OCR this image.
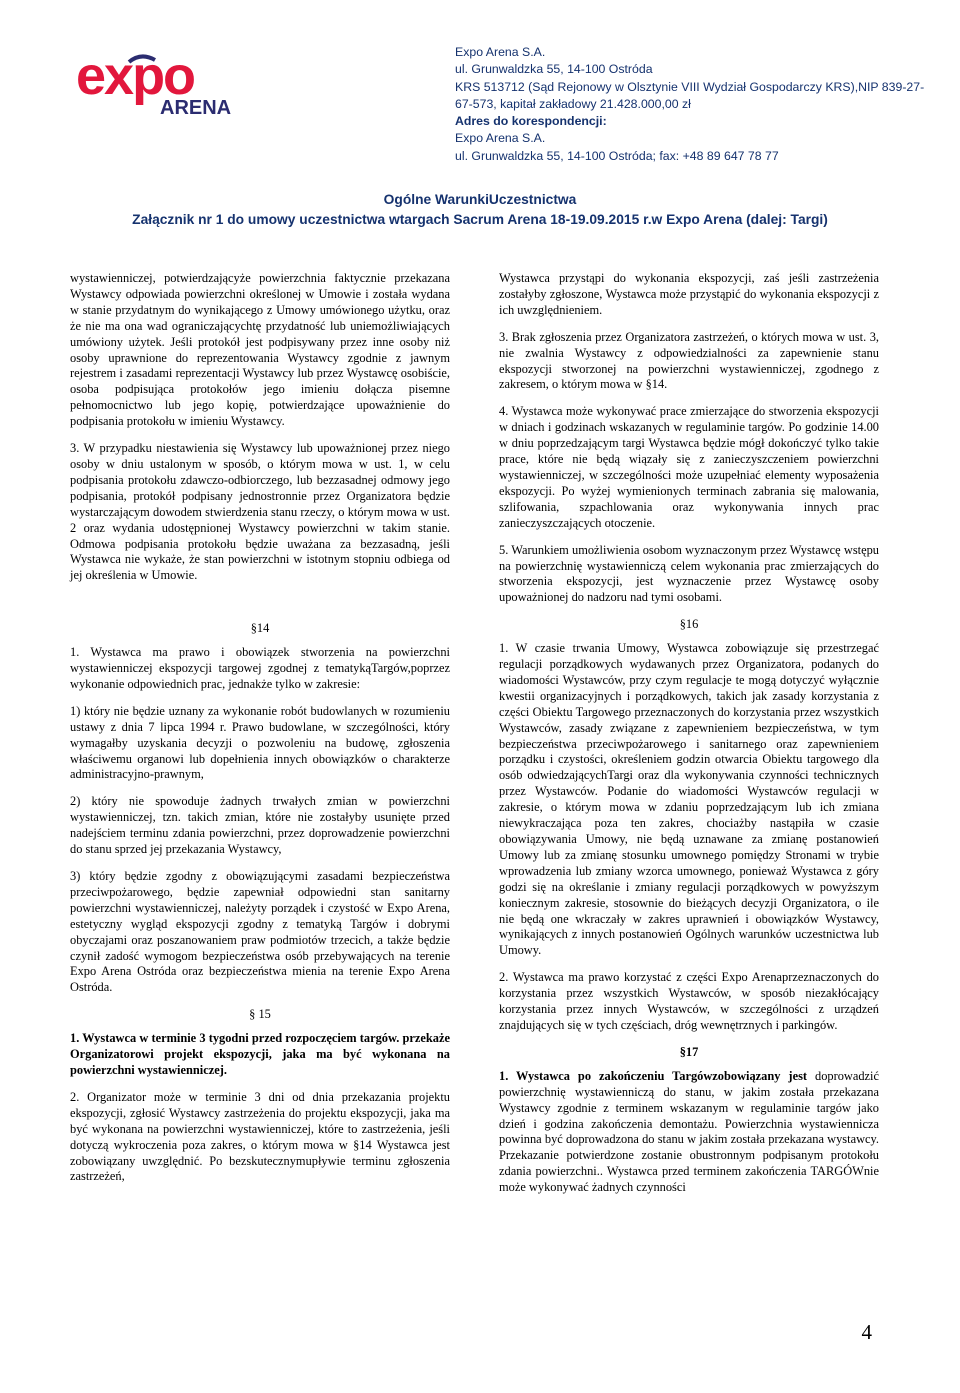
expo
ARENA
Expo Arena S.A.
ul. Grunwaldzka 55, 14-100 Ostróda
KRS 513712 (Sąd Rejonowy w Olsztynie VIII Wydział Gospodarczy KRS),NIP 839-27-
67-573, kapitał zakładowy 21.428.000,00 zł
Adres do korespondencji:
Expo Arena S.A.
ul. Grunwaldzka 55, 14-100 Ostróda; fax: +48 89 647 78 77
Ogólne WarunkiUczestnictwa
Załącznik nr 1 do umowy uczestnictwa wtargach Sacrum Arena 18-19.09.2015 r.w Expo Arena (dalej: Targi)

wystawienniczej, potwierdzającyże powierzchnia faktycznie przekazana Wystawcy odpowiada powierzchni określonej w Umowie i została wydana w stanie przydatnym do wynikającego z Umowy umówionego użytku, oraz że nie ma ona wad ograniczającychtę przydatność lub uniemożliwiających umówiony użytek. Jeśli protokół jest podpisywany przez inne osoby niż osoby uprawnione do reprezentowania Wystawcy zgodnie z jawnym rejestrem i zasadami reprezentacji Wystawcy lub przez Wystawcę osobiście, osoba podpisująca protokołów jego imieniu dołącza pisemne pełnomocnictwo lub jego kopię, potwierdzające upoważnienie do podpisania protokołu w imieniu Wystawcy.

3. W przypadku niestawienia się Wystawcy lub upoważnionej przez niego osoby w dniu ustalonym w sposób, o którym mowa w ust. 1, w celu podpisania protokołu zdawczo-odbiorczego, lub bezzasadnej odmowy jego podpisania, protokół podpisany jednostronnie przez Organizatora będzie wystarczającym dowodem stwierdzenia stanu rzeczy, o którym mowa w ust. 2 oraz wydania udostępnionej Wystawcy powierzchni w takim stanie. Odmowa podpisania protokołu będzie uważana za bezzasadną, jeśli Wystawca nie wykaże, że stan powierzchni w istotnym stopniu odbiega od jej określenia w Umowie.

§14

1. Wystawca ma prawo i obowiązek stworzenia na powierzchni wystawienniczej ekspozycji targowej zgodnej z tematykąTargów,poprzez wykonanie odpowiednich prac, jednakże tylko w zakresie:

1) który nie będzie uznany za wykonanie robót budowlanych w rozumieniu ustawy z dnia 7 lipca 1994 r. Prawo budowlane, w szczególności, który wymagałby uzyskania decyzji o pozwoleniu na budowę, zgłoszenia właściwemu organowi lub dopełnienia innych obowiązków o charakterze administracyjno-prawnym,

2) który nie spowoduje żadnych trwałych zmian w powierzchni wystawienniczej, tzn. takich zmian, które nie zostałyby usunięte przed nadejściem terminu zdania powierzchni, przez doprowadzenie powierzchni do stanu sprzed jej przekazania Wystawcy,

3) który będzie zgodny z obowiązującymi zasadami bezpieczeństwa przeciwpożarowego, będzie zapewniał odpowiedni stan sanitarny powierzchni wystawienniczej, należyty porządek i czystość w Expo Arena, estetyczny wygląd ekspozycji zgodny z tematyką Targów i dobrymi obyczajami oraz poszanowaniem praw podmiotów trzecich, a także będzie czynił zadość wymogom bezpieczeństwa osób przebywających na terenie Expo Arena Ostróda oraz bezpieczeństwa mienia na terenie Expo Arena Ostróda.

§ 15

1. Wystawca w terminie 3 tygodni przed rozpoczęciem targów. przekaże Organizatorowi projekt ekspozycji, jaka ma być wykonana na powierzchni wystawienniczej.

2. Organizator może w terminie 3 dni od dnia przekazania projektu ekspozycji, zgłosić Wystawcy zastrzeżenia do projektu ekspozycji, jaka ma być wykonana na powierzchni wystawienniczej, które to zastrzeżenia, jeśli dotyczą wykroczenia poza zakres, o którym mowa w §14 Wystawca jest zobowiązany uwzględnić. Po bezskutecznymupływie terminu zgłoszenia zastrzeżeń,

Wystawca przystąpi do wykonania ekspozycji, zaś jeśli zastrzeżenia zostałyby zgłoszone, Wystawca może przystąpić do wykonania ekspozycji z ich uwzględnieniem.

3. Brak zgłoszenia przez Organizatora zastrzeżeń, o których mowa w ust. 3, nie zwalnia Wystawcy z odpowiedzialności za zapewnienie stanu ekspozycji stworzonej na powierzchni wystawienniczej, zgodnego z zakresem, o którym mowa w §14.

4. Wystawca może wykonywać prace zmierzające do stworzenia ekspozycji w dniach i godzinach wskazanych w regulaminie targów. Po godzinie 14.00 w dniu poprzedzającym targi Wystawca będzie mógł dokończyć tylko takie prace, które nie będą wiązały się z zanieczyszczeniem powierzchni wystawienniczej, w szczególności może uzupełniać elementy wyposażenia ekspozycji. Po wyżej wymienionych terminach zabrania się malowania, szlifowania, szpachlowania oraz wykonywania innych prac zanieczyszczających otoczenie.

5. Warunkiem umożliwienia osobom wyznaczonym przez Wystawcę wstępu na powierzchnię wystawienniczą celem wykonania prac zmierzających do stworzenia ekspozycji, jest wyznaczenie przez Wystawcę osoby upoważnionej do nadzoru nad tymi osobami.

§16

1. W czasie trwania Umowy, Wystawca zobowiązuje się przestrzegać regulacji porządkowych wydawanych przez Organizatora, podanych do wiadomości Wystawców, przy czym regulacje te mogą dotyczyć wyłącznie kwestii organizacyjnych i porządkowych, takich jak zasady korzystania z części Obiektu Targowego przeznaczonych do korzystania przez wszystkich Wystawców, zasady związane z zapewnieniem bezpieczeństwa, w tym bezpieczeństwa przeciwpożarowego i sanitarnego oraz zapewnieniem porządku i czystości, określeniem godzin otwarcia Obiektu targowego dla osób odwiedzającychTargi oraz dla wykonywania czynności technicznych przez Wystawców. Podanie do wiadomości Wystawców regulacji w zakresie, o którym mowa w zdaniu poprzedzającym lub ich zmiana niewykraczająca poza ten zakres, chociażby nastąpiła w czasie obowiązywania Umowy, nie będą uznawane za zmianę postanowień Umowy lub za zmianę stosunku umownego pomiędzy Stronami w trybie wprowadzenia lub zmiany wzorca umownego, ponieważ Wystawca z góry godzi się na określanie i zmiany regulacji porządkowych w powyższym koniecznym zakresie, stosownie do bieżących decyzji Organizatora, o ile nie będą one wkraczały w zakres uprawnień i obowiązków Wystawcy, wynikających z innych postanowień Ogólnych warunków uczestnictwa lub Umowy.

2. Wystawca ma prawo korzystać z części Expo Arenaprzeznaczonych do korzystania przez wszystkich Wystawców, w sposób niezakłócający korzystania przez innych Wystawców, w szczególności z urządzeń znajdujących się w tych częściach, dróg wewnętrznych i parkingów.

§17

1. Wystawca po zakończeniu Targówzobowiązany jest doprowadzić powierzchnię wystawienniczą do stanu, w jakim została przekazana Wystawcy zgodnie z terminem wskazanym w regulaminie targów jako dzień i godzina zakończenia demontażu. Powierzchnia wystawiennicza powinna być doprowadzona do stanu w jakim została przekazana wystawcy. Przekazanie potwierdzone zostanie obustronnym podpisanym protokołu zdania powierzchni.. Wystawca przed terminem zakończenia TARGÓWnie może wykonywać żadnych czynności

4
